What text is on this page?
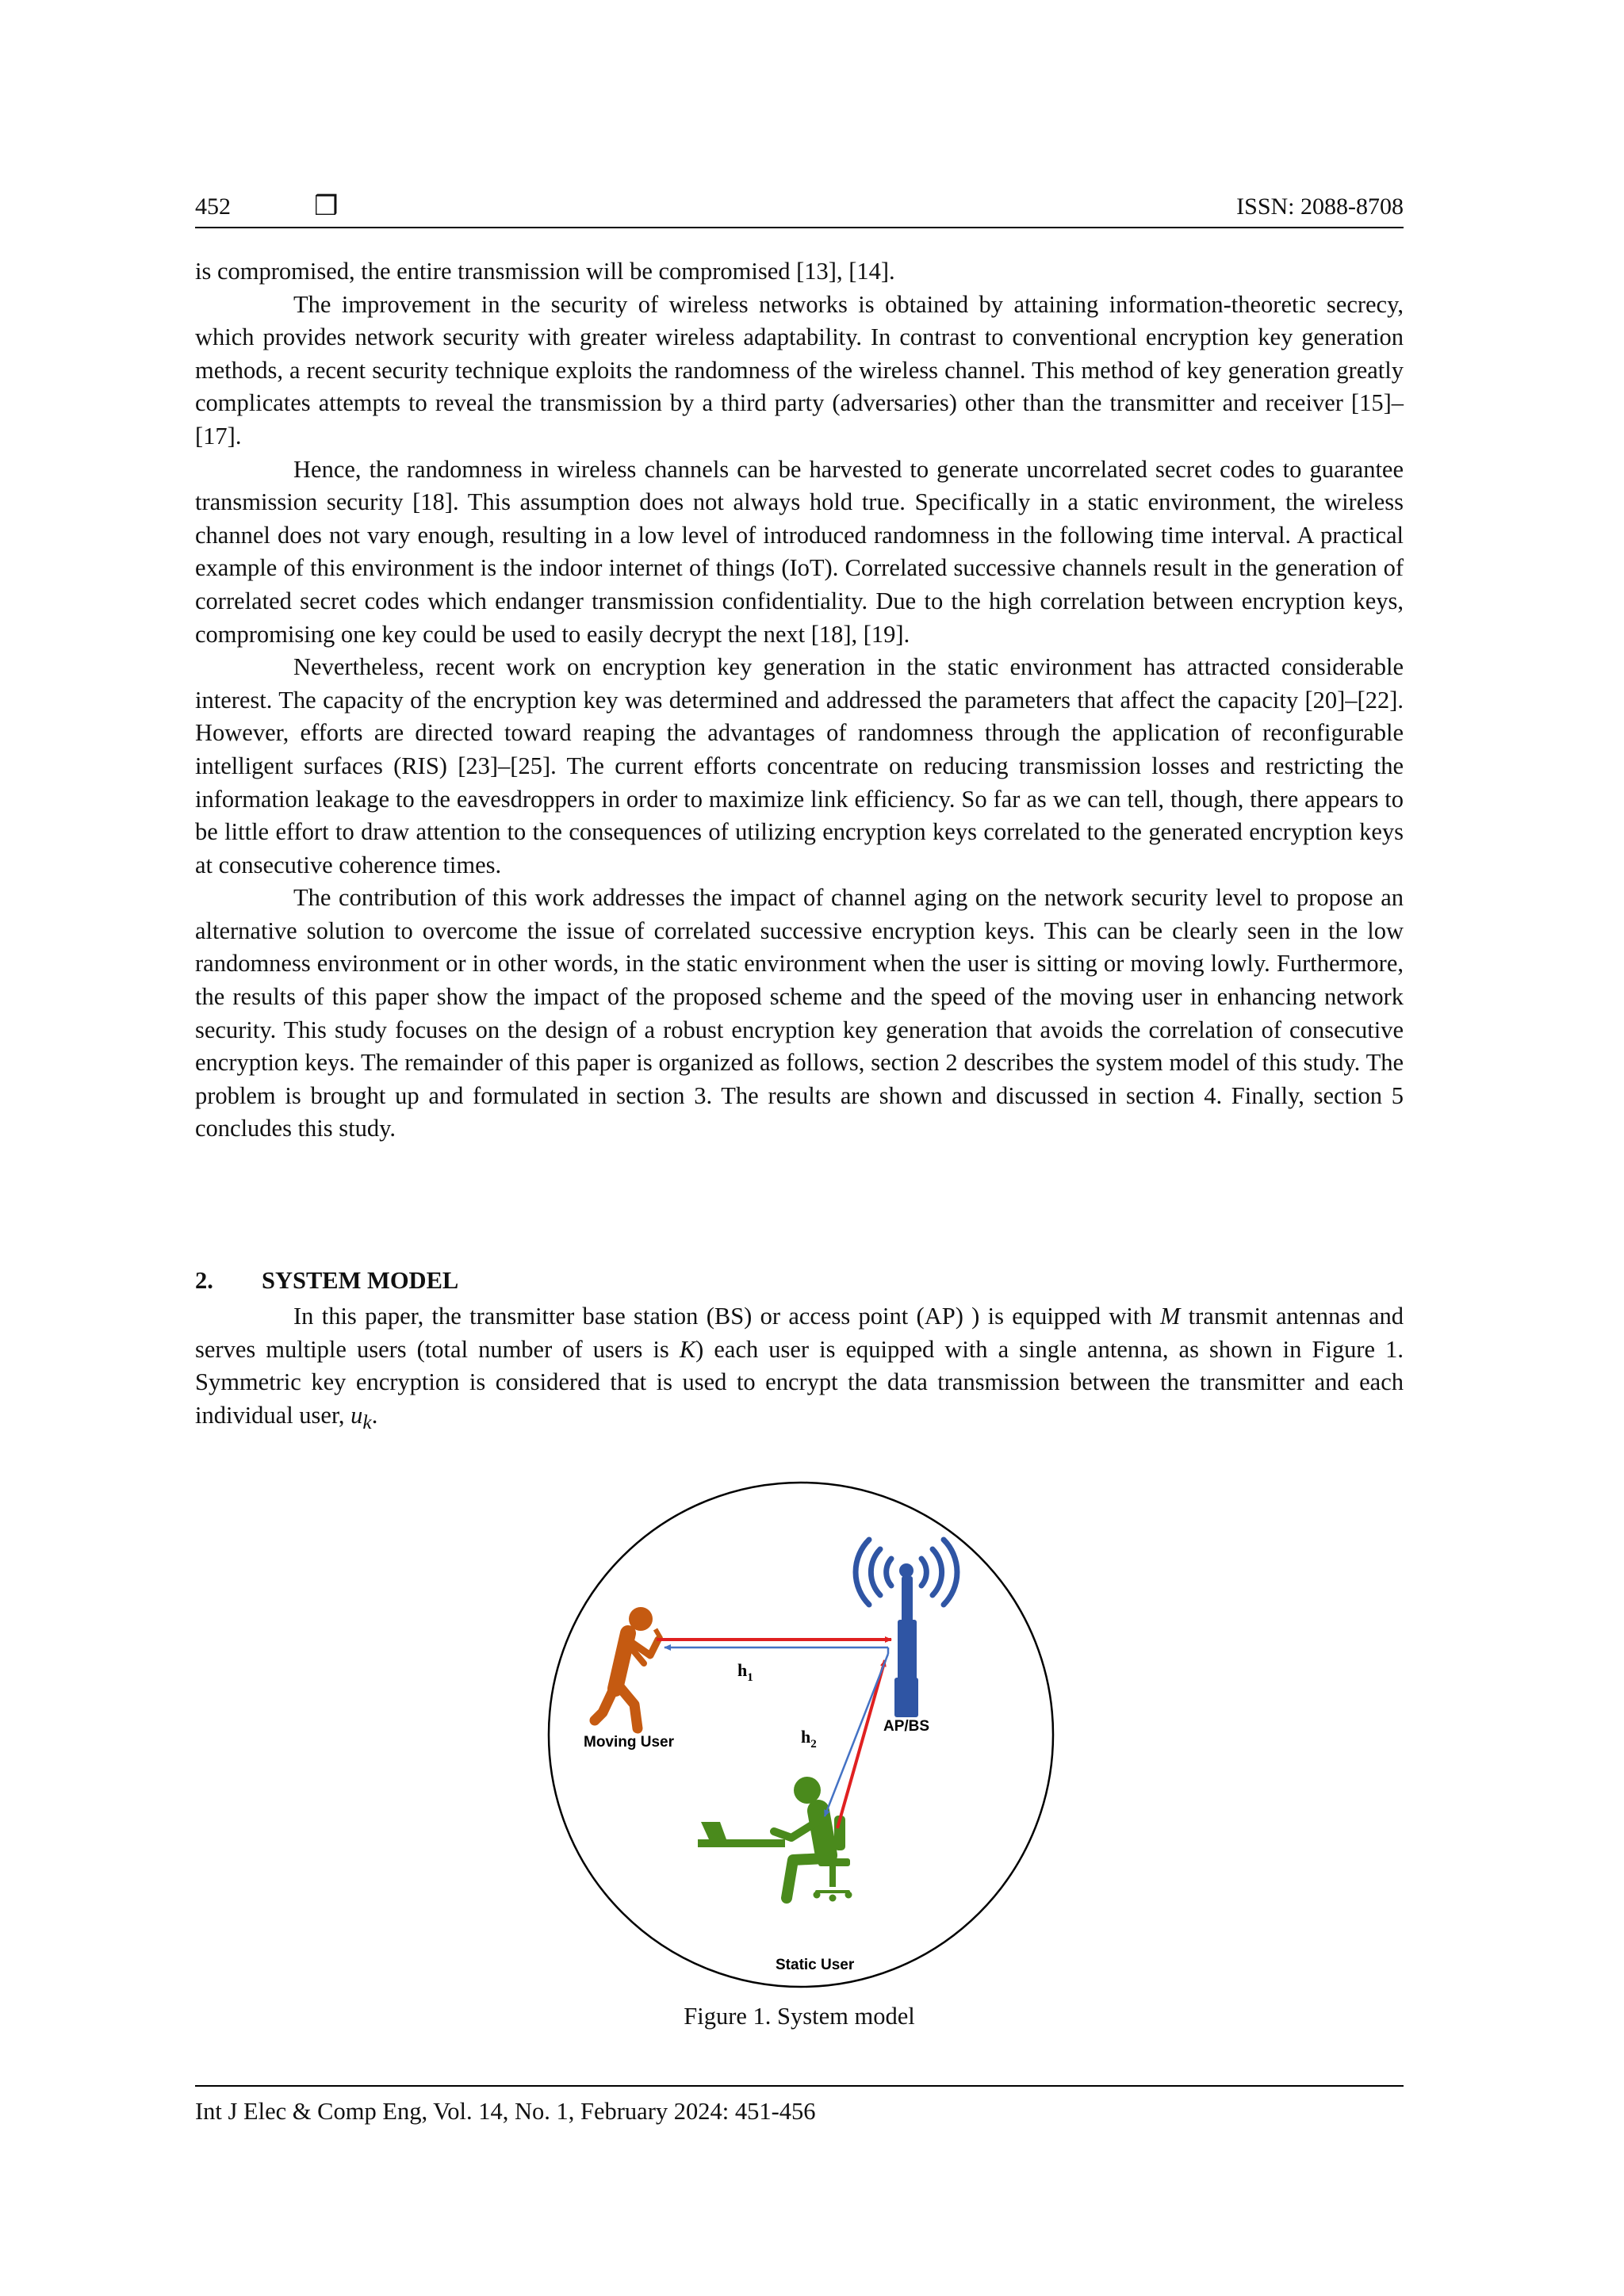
452	❒	ISSN: 2088-8708

is compromised, the entire transmission will be compromised [13], [14].

The improvement in the security of wireless networks is obtained by attaining information-theoretic secrecy, which provides network security with greater wireless adaptability. In contrast to conventional encryption key generation methods, a recent security technique exploits the randomness of the wireless channel. This method of key generation greatly complicates attempts to reveal the transmission by a third party (adversaries) other than the transmitter and receiver [15]–[17].

Hence, the randomness in wireless channels can be harvested to generate uncorrelated secret codes to guarantee transmission security [18]. This assumption does not always hold true. Specifically in a static environment, the wireless channel does not vary enough, resulting in a low level of introduced randomness in the following time interval. A practical example of this environment is the indoor internet of things (IoT). Correlated successive channels result in the generation of correlated secret codes which endanger transmission confidentiality. Due to the high correlation between encryption keys, compromising one key could be used to easily decrypt the next [18], [19].

Nevertheless, recent work on encryption key generation in the static environment has attracted considerable interest. The capacity of the encryption key was determined and addressed the parameters that affect the capacity [20]–[22]. However, efforts are directed toward reaping the advantages of randomness through the application of reconfigurable intelligent surfaces (RIS) [23]–[25]. The current efforts concentrate on reducing transmission losses and restricting the information leakage to the eavesdroppers in order to maximize link efficiency. So far as we can tell, though, there appears to be little effort to draw attention to the consequences of utilizing encryption keys correlated to the generated encryption keys at consecutive coherence times.

The contribution of this work addresses the impact of channel aging on the network security level to propose an alternative solution to overcome the issue of correlated successive encryption keys. This can be clearly seen in the low randomness environment or in other words, in the static environment when the user is sitting or moving lowly. Furthermore, the results of this paper show the impact of the proposed scheme and the speed of the moving user in enhancing network security. This study focuses on the design of a robust encryption key generation that avoids the correlation of consecutive encryption keys. The remainder of this paper is organized as follows, section 2 describes the system model of this study. The problem is brought up and formulated in section 3. The results are shown and discussed in section 4. Finally, section 5 concludes this study.

2. SYSTEM MODEL

In this paper, the transmitter base station (BS) or access point (AP) ) is equipped with M transmit antennas and serves multiple users (total number of users is K) each user is equipped with a single antenna, as shown in Figure 1. Symmetric key encryption is considered that is used to encrypt the data transmission between the transmitter and each individual user, $u_k$.

$h_1$
$h_2$
Moving User
AP/BS
Static User
Figure 1. System model
Int J Elec & Comp Eng, Vol. 14, No. 1, February 2024: 451-456
